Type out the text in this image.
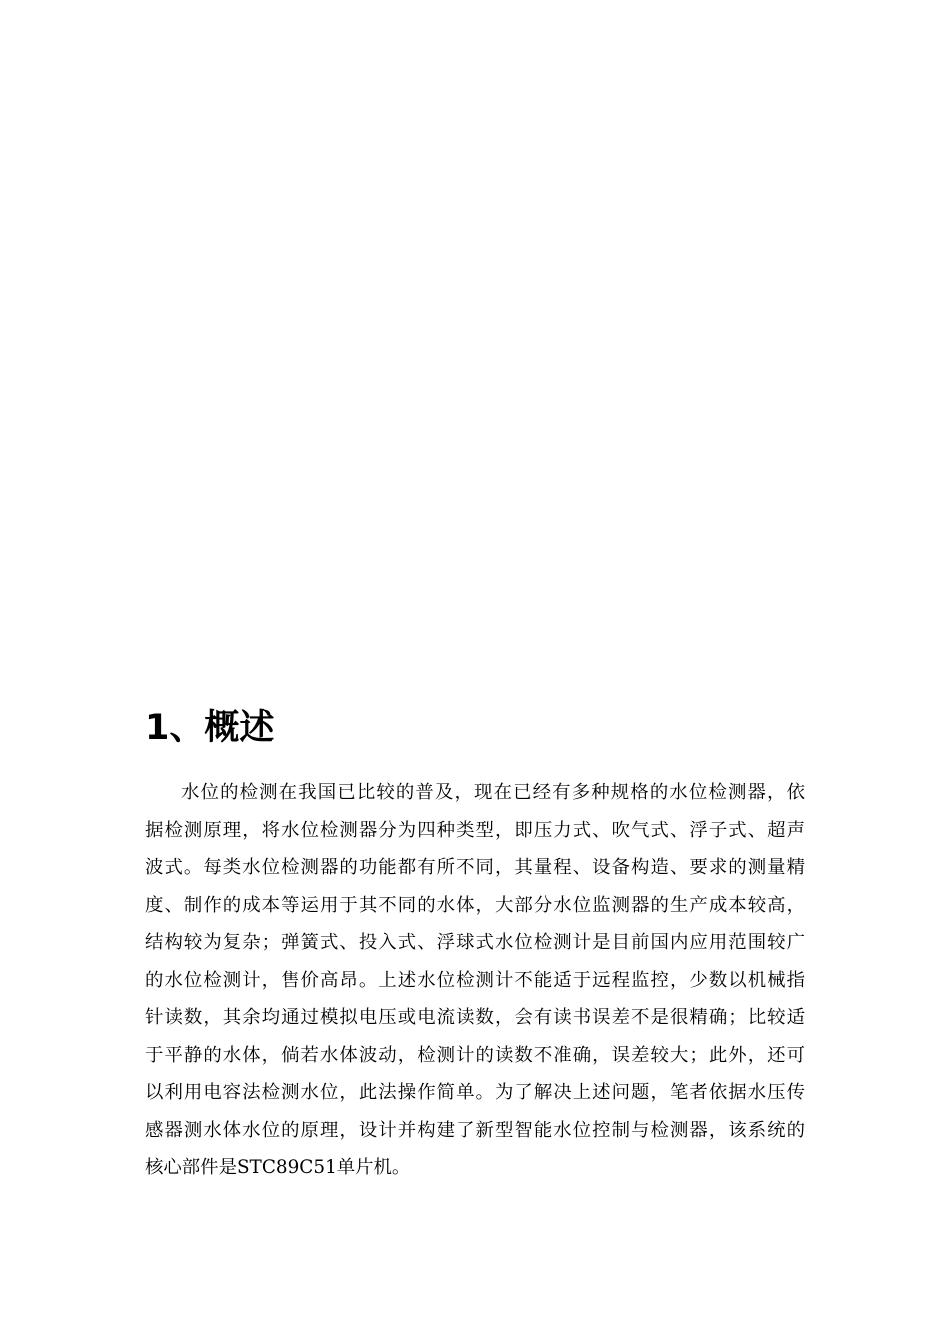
1、概述
水位的检测在我国已比较的普及，现在已经有多种规格的水位检测器，依
据检测原理，将水位检测器分为四种类型，即压力式、吹气式、浮子式、超声
波式。每类水位检测器的功能都有所不同，其量程、设备构造、要求的测量精
度、制作的成本等运用于其不同的水体，大部分水位监测器的生产成本较高，
结构较为复杂；弹簧式、投入式、浮球式水位检测计是目前国内应用范围较广
的水位检测计，售价高昂。上述水位检测计不能适于远程监控，少数以机械指
针读数，其余均通过模拟电压或电流读数，会有读书误差不是很精确；比较适
于平静的水体，倘若水体波动，检测计的读数不准确，误差较大；此外，还可
以利用电容法检测水位，此法操作简单。为了解决上述问题，笔者依据水压传
感器测水体水位的原理，设计并构建了新型智能水位控制与检测器，该系统的
核心部件是STC89C51单片机。
